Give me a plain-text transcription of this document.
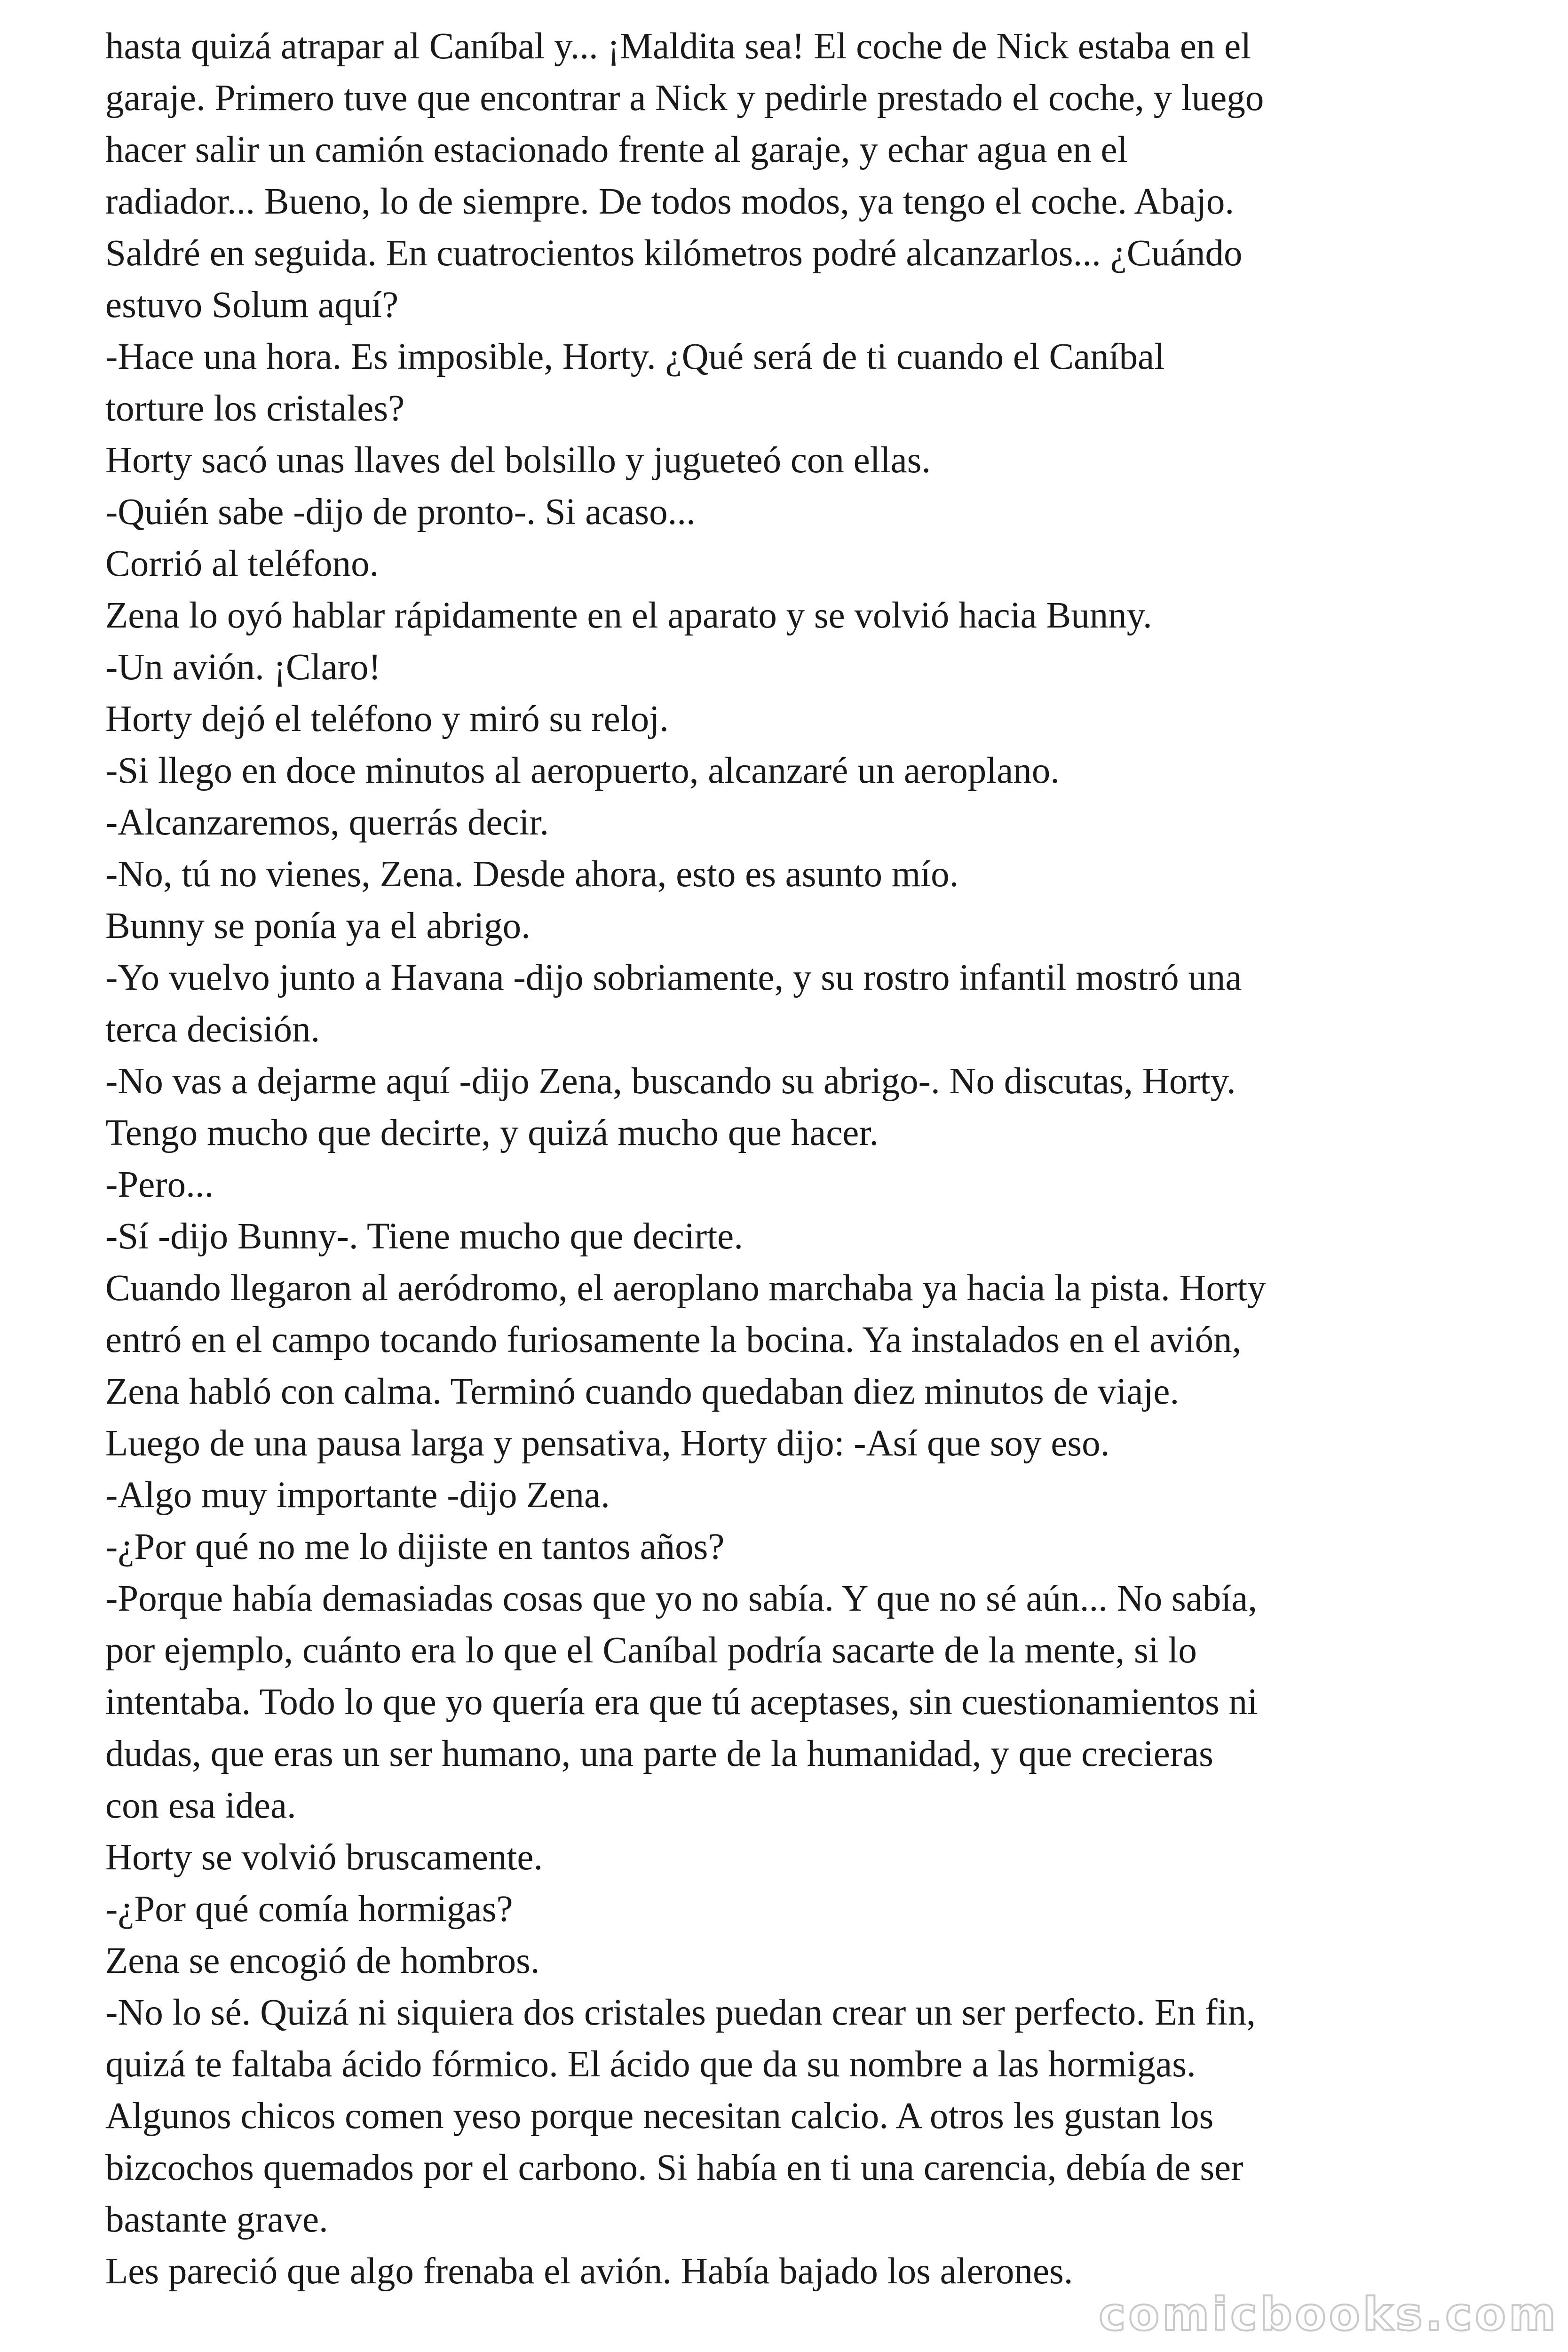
hasta quizá atrapar al Caníbal y... ¡Maldita sea! El coche de Nick estaba en el

garaje. Primero tuve que encontrar a Nick y pedirle prestado el coche, y luego

hacer salir un camión estacionado frente al garaje, y echar agua en el

radiador... Bueno, lo de siempre. De todos modos, ya tengo el coche. Abajo.

Saldré en seguida. En cuatrocientos kilómetros podré alcanzarlos... ¿Cuándo

estuvo Solum aquí?

-Hace una hora. Es imposible, Horty. ¿Qué será de ti cuando el Caníbal

torture los cristales?

Horty sacó unas llaves del bolsillo y jugueteó con ellas.

-Quién sabe -dijo de pronto-. Si acaso...

Corrió al teléfono.

Zena lo oyó hablar rápidamente en el aparato y se volvió hacia Bunny.

-Un avión. ¡Claro!

Horty dejó el teléfono y miró su reloj.

-Si llego en doce minutos al aeropuerto, alcanzaré un aeroplano.

-Alcanzaremos, querrás decir.

-No, tú no vienes, Zena. Desde ahora, esto es asunto mío.

Bunny se ponía ya el abrigo.

-Yo vuelvo junto a Havana -dijo sobriamente, y su rostro infantil mostró una

terca decisión.

-No vas a dejarme aquí -dijo Zena, buscando su abrigo-. No discutas, Horty.

Tengo mucho que decirte, y quizá mucho que hacer.

-Pero...

-Sí -dijo Bunny-. Tiene mucho que decirte.

Cuando llegaron al aeródromo, el aeroplano marchaba ya hacia la pista. Horty

entró en el campo tocando furiosamente la bocina. Ya instalados en el avión,

Zena habló con calma. Terminó cuando quedaban diez minutos de viaje.

Luego de una pausa larga y pensativa, Horty dijo: -Así que soy eso.

-Algo muy importante -dijo Zena.

-¿Por qué no me lo dijiste en tantos años?

-Porque había demasiadas cosas que yo no sabía. Y que no sé aún... No sabía,

por ejemplo, cuánto era lo que el Caníbal podría sacarte de la mente, si lo

intentaba. Todo lo que yo quería era que tú aceptases, sin cuestionamientos ni

dudas, que eras un ser humano, una parte de la humanidad, y que crecieras

con esa idea.

Horty se volvió bruscamente.

-¿Por qué comía hormigas?

Zena se encogió de hombros.

-No lo sé. Quizá ni siquiera dos cristales puedan crear un ser perfecto. En fin,

quizá te faltaba ácido fórmico. El ácido que da su nombre a las hormigas.

Algunos chicos comen yeso porque necesitan calcio. A otros les gustan los

bizcochos quemados por el carbono. Si había en ti una carencia, debía de ser

bastante grave.

Les pareció que algo frenaba el avión. Había bajado los alerones.

comicbooks.com
